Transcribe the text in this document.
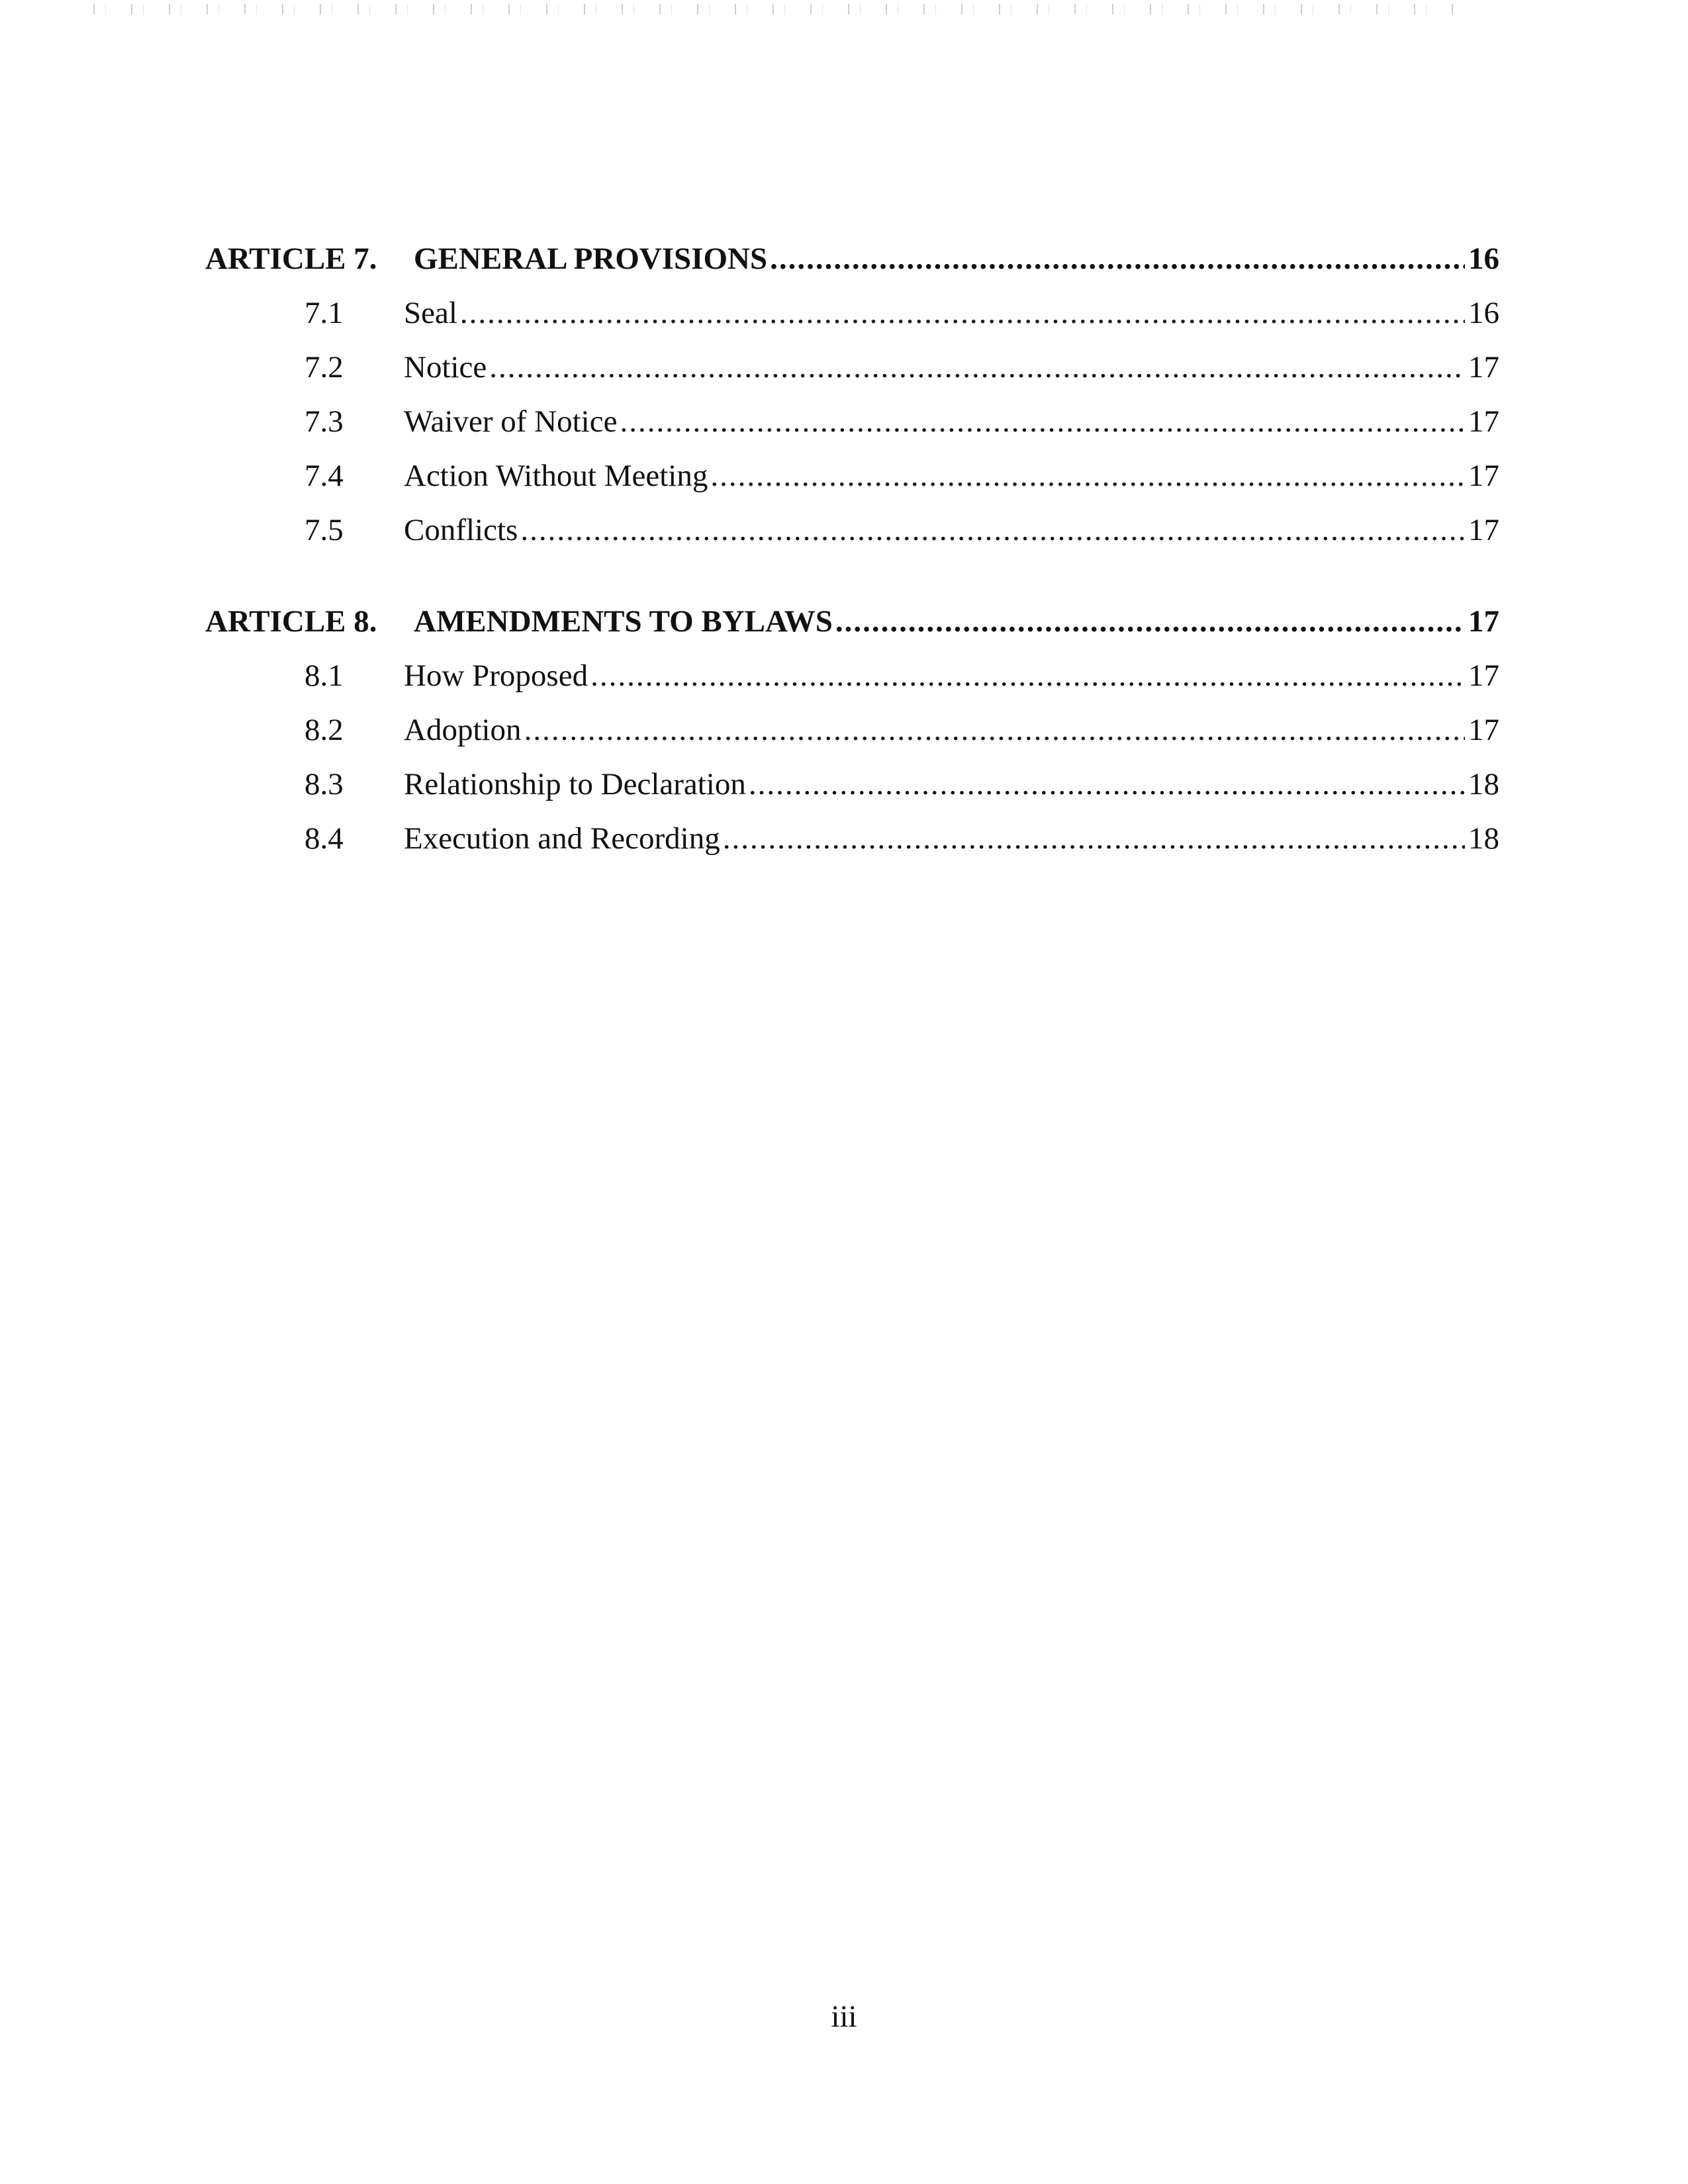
ARTICLE 7.	GENERAL PROVISIONS .....	16
7.1	Seal .....	16
7.2	Notice .....	17
7.3	Waiver of Notice .....	17
7.4	Action Without Meeting .....	17
7.5	Conflicts .....	17
ARTICLE 8.	AMENDMENTS TO BYLAWS .....	17
8.1	How Proposed .....	17
8.2	Adoption .....	17
8.3	Relationship to Declaration .....	18
8.4	Execution and Recording .....	18
iii
